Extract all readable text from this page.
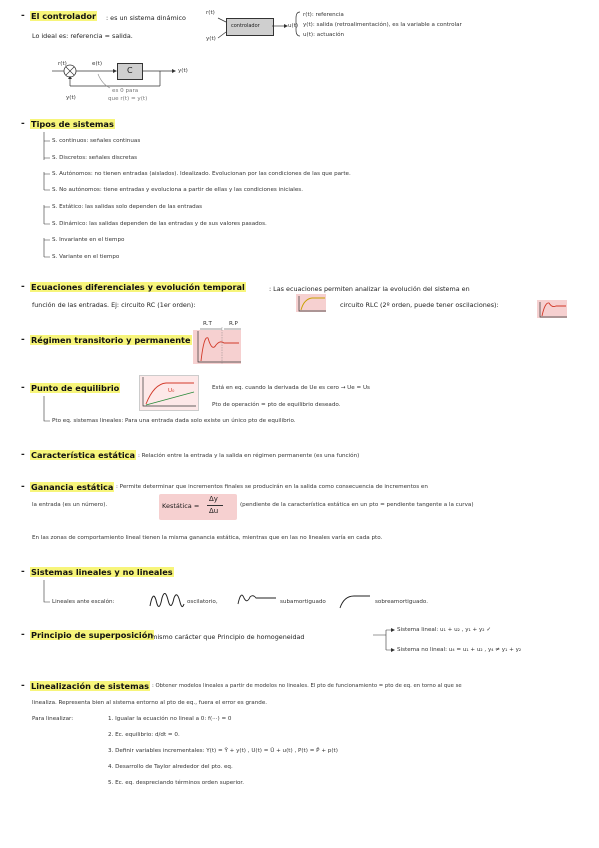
- El controlador : es un sistema dinámico
Lo ideal es: referencia = salida.
r(t)
y(t)
controlador	u(t)
r(t): referencia
y(t): salida (retroalimentación), es la variable a controlar
u(t): actuación
r(t)	e(t)
C	y(t)
y(t)
es 0 para
que r(t) = y(t)
- Tipos de sistemas
S. continuos: señales continuas
S. Discretos: señales discretas
S. Autónomos: no tienen entradas (aislados). Idealizado. Evolucionan por las condiciones de las que parte.
S. No autónomos: tiene entradas y evoluciona a partir de ellas y las condiciones iniciales.
S. Estático: las salidas solo dependen de las entradas
S. Dinámico: las salidas dependen de las entradas y de sus valores pasados.
S. Invariante en el tiempo
S. Variante en el tiempo
- Ecuaciones diferenciales y evolución temporal	: Las ecuaciones permiten analizar la evolución del sistema en
función de las entradas. Ej: circuito RC (1er orden):	circuito RLC (2º orden, puede tener oscilaciones):
- Régimen transitorio y permanente
R.T	R.P
- Punto de equilibrio	U₀	Está en eq. cuando la derivada de Ue es cero → Ue = Us
Pto de operación = pto de equilibrio deseado.
Pto eq. sistemas lineales: Para una entrada dada solo existe un único pto de equilibrio.
- Característica estática : Relación entre la entrada y la salida en régimen permanente (es una función)
- Ganancia estática : Permite determinar que incrementos finales se producirán en la salida como consecuencia de incrementos en
la entrada (es un número).	Kestática =
Δy
Δu
(pendiente de la característica estática en un pto = pendiente tangente a la curva)
En las zonas de comportamiento lineal tienen la misma ganancia estática, mientras que en las no lineales varía en cada pto.
- Sistemas lineales y no lineales
Lineales ante escalón:	oscilatorio,	subamortiguado	sobreamortiguado.
- Principio de superposición
: mismo carácter que Principio de homogeneidad
Sistema lineal: u₁ + u₂ , y₁ + y₂ ✓
Sistema no lineal: u₄ = u₁ + u₂ , y₄ ≠ y₁ + y₂
- Linealización de sistemas : Obtener modelos lineales a partir de modelos no lineales. El pto de funcionamiento = pto de eq. en torno al que se
linealiza. Representa bien al sistema entorno al pto de eq., fuera el error es grande.
Para linealizar:	1. Igualar la ecuación no lineal a 0: f(···) = 0
2. Ec. equilibrio: d/dt = 0.
3. Definir variables incrementales: Y(t) = Ȳ + y(t) , U(t) = Ū + u(t) , P(t) = P̄ + p(t)
4. Desarrollo de Taylor alrededor del pto. eq.
5. Ec. eq. despreciando términos orden superior.
